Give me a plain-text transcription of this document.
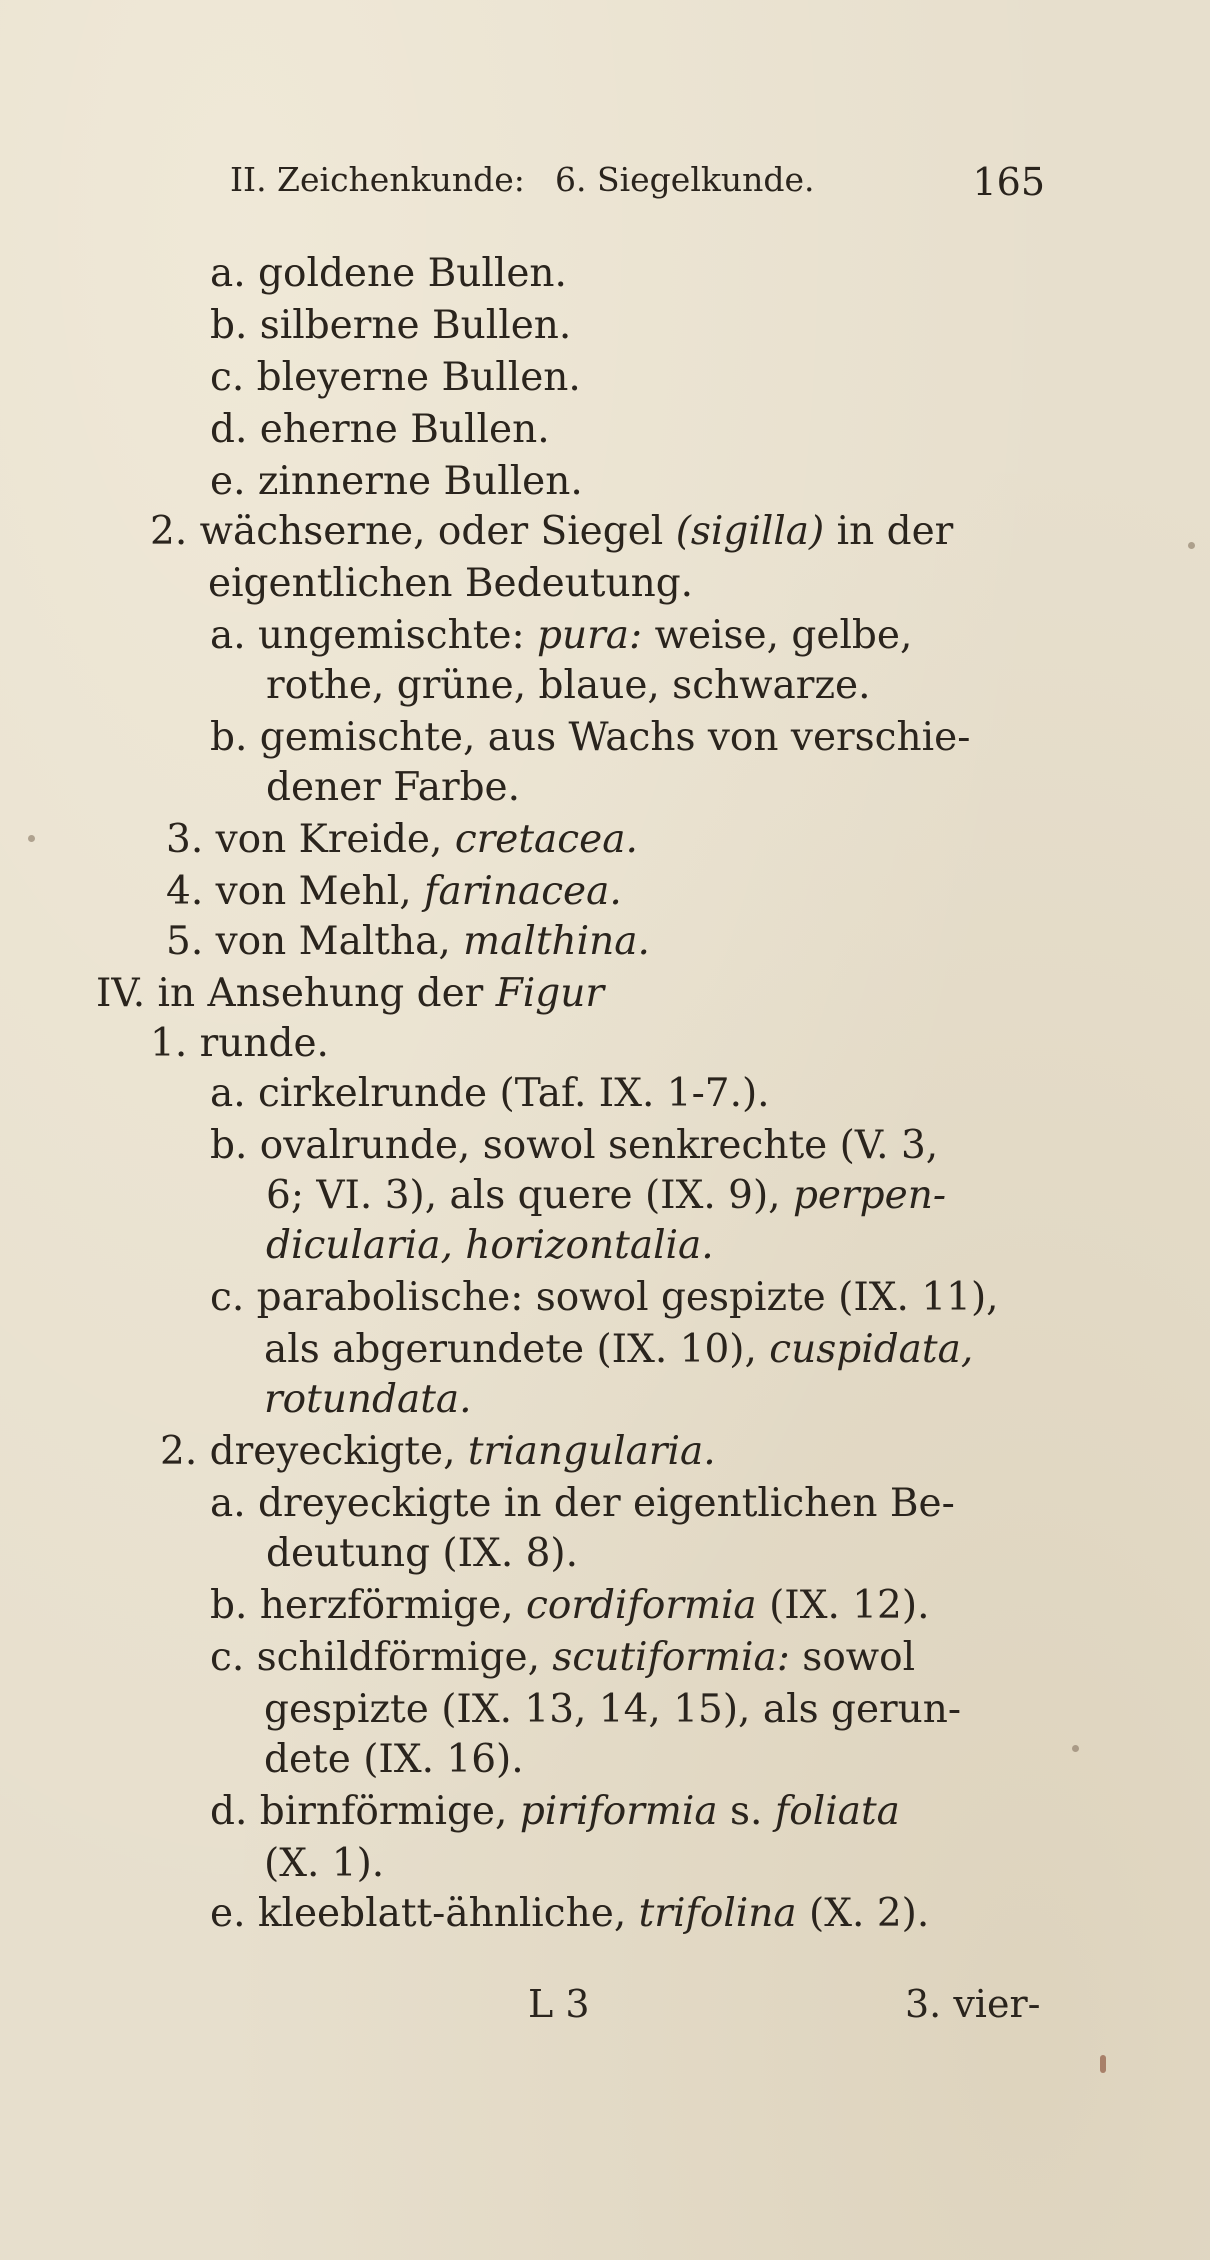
II. Zeichenkunde: 6. Siegelkunde.	165
a. goldene Bullen.
b. silberne Bullen.
c. bleyerne Bullen.
d. eherne Bullen.
e. zinnerne Bullen.
2. wächserne, oder Siegel (sigilla) in der
eigentlichen Bedeutung.
a. ungemischte: pura: weise, gelbe,
rothe, grüne, blaue, schwarze.
b. gemischte, aus Wachs von verschie-
dener Farbe.
3. von Kreide, cretacea.
4. von Mehl, farinacea.
5. von Maltha, malthina.
IV. in Ansehung der Figur
1. runde.
a. cirkelrunde (Taf. IX. 1-7.).
b. ovalrunde, sowol senkrechte (V. 3,
6; VI. 3), als quere (IX. 9), perpen-
dicularia, horizontalia.
c. parabolische: sowol gespizte (IX. 11),
als abgerundete (IX. 10), cuspidata,
rotundata.
2. dreyeckigte, triangularia.
a. dreyeckigte in der eigentlichen Be-
deutung (IX. 8).
b. herzförmige, cordiformia (IX. 12).
c. schildförmige, scutiformia: sowol
gespizte (IX. 13, 14, 15), als gerun-
dete (IX. 16).
d. birnförmige, piriformia s. foliata
(X. 1).
e. kleeblatt-ähnliche, trifolina (X. 2).
L 3	3. vier-
